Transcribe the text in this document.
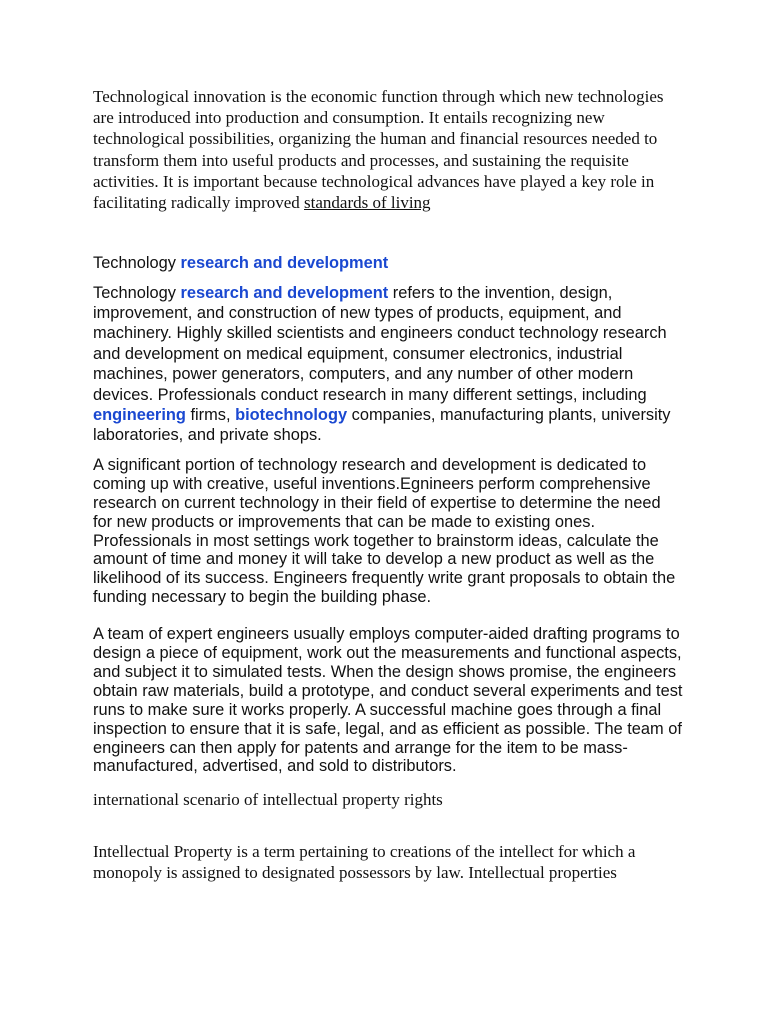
Technological innovation is the economic function through which new technologies are introduced into production and consumption. It entails recognizing new technological possibilities, organizing the human and financial resources needed to transform them into useful products and processes, and sustaining the requisite activities. It is important because technological advances have played a key role in facilitating radically improved standards of living

Technology research and development

Technology research and development refers to the invention, design, improvement, and construction of new types of products, equipment, and machinery. Highly skilled scientists and engineers conduct technology research and development on medical equipment, consumer electronics, industrial machines, power generators, computers, and any number of other modern devices. Professionals conduct research in many different settings, including engineering firms, biotechnology companies, manufacturing plants, university laboratories, and private shops.

A significant portion of technology research and development is dedicated to coming up with creative, useful inventions.Egnineers perform comprehensive research on current technology in their field of expertise to determine the need for new products or improvements that can be made to existing ones. Professionals in most settings work together to brainstorm ideas, calculate the amount of time and money it will take to develop a new product as well as the likelihood of its success. Engineers frequently write grant proposals to obtain the funding necessary to begin the building phase.

A team of expert engineers usually employs computer-aided drafting programs to design a piece of equipment, work out the measurements and functional aspects, and subject it to simulated tests. When the design shows promise, the engineers obtain raw materials, build a prototype, and conduct several experiments and test runs to make sure it works properly. A successful machine goes through a final inspection to ensure that it is safe, legal, and as efficient as possible. The team of engineers can then apply for patents and arrange for the item to be mass-manufactured, advertised, and sold to distributors.

international scenario of intellectual property rights

Intellectual Property is a term pertaining to creations of the intellect for which a monopoly is assigned to designated possessors by law. Intellectual properties
